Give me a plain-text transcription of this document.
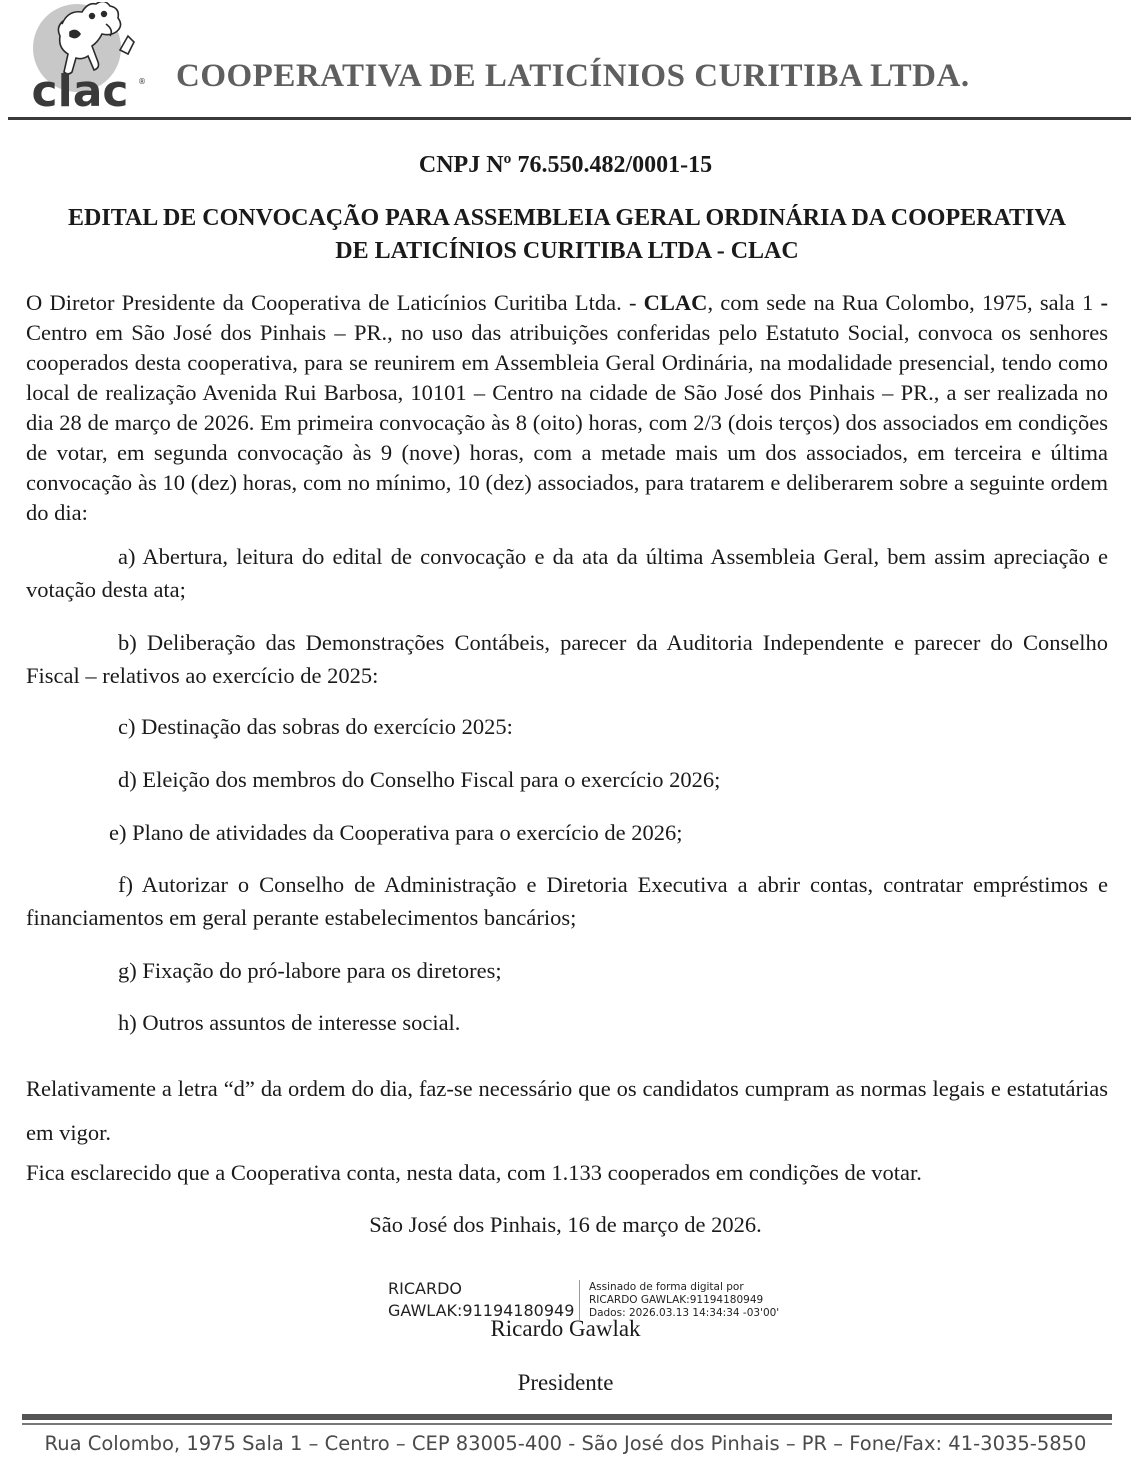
clac ® COOPERATIVA DE LATICÍNIOS CURITIBA LTDA.
CNPJ Nº 76.550.482/0001-15
EDITAL DE CONVOCAÇÃO PARA ASSEMBLEIA GERAL ORDINÁRIA DA COOPERATIVA
DE LATICÍNIOS CURITIBA LTDA - CLAC
O Diretor Presidente da Cooperativa de Laticínios Curitiba Ltda. - CLAC, com sede na Rua Colombo, 1975, sala 1 - Centro em São José dos Pinhais – PR., no uso das atribuições conferidas pelo Estatuto Social, convoca os senhores cooperados desta cooperativa, para se reunirem em Assembleia Geral Ordinária, na modalidade presencial, tendo como local de realização Avenida Rui Barbosa, 10101 – Centro na cidade de São José dos Pinhais – PR., a ser realizada no dia 28 de março de 2026. Em primeira convocação às 8 (oito) horas, com 2/3 (dois terços) dos associados em condições de votar, em segunda convocação às 9 (nove) horas, com a metade mais um dos associados, em terceira e última convocação às 10 (dez) horas, com no mínimo, 10 (dez) associados, para tratarem e deliberarem sobre a seguinte ordem do dia:
a) Abertura, leitura do edital de convocação e da ata da última Assembleia Geral, bem assim apreciação e votação desta ata;
b) Deliberação das Demonstrações Contábeis, parecer da Auditoria Independente e parecer do Conselho Fiscal – relativos ao exercício de 2025:
c) Destinação das sobras do exercício 2025:
d) Eleição dos membros do Conselho Fiscal para o exercício 2026;
e) Plano de atividades da Cooperativa para o exercício de 2026;
f) Autorizar o Conselho de Administração e Diretoria Executiva a abrir contas, contratar empréstimos e financiamentos em geral perante estabelecimentos bancários;
g) Fixação do pró-labore para os diretores;
h) Outros assuntos de interesse social.
Relativamente a letra “d” da ordem do dia, faz-se necessário que os candidatos cumpram as normas legais e estatutárias em vigor.
Fica esclarecido que a Cooperativa conta, nesta data, com 1.133 cooperados em condições de votar.
São José dos Pinhais, 16 de março de 2026.
RICARDO
GAWLAK:91194180949
Assinado de forma digital por
RICARDO GAWLAK:91194180949
Dados: 2026.03.13 14:34:34 -03'00'
Ricardo Gawlak
Presidente
Rua Colombo, 1975 Sala 1 – Centro – CEP 83005-400 - São José dos Pinhais – PR – Fone/Fax: 41-3035-5850
